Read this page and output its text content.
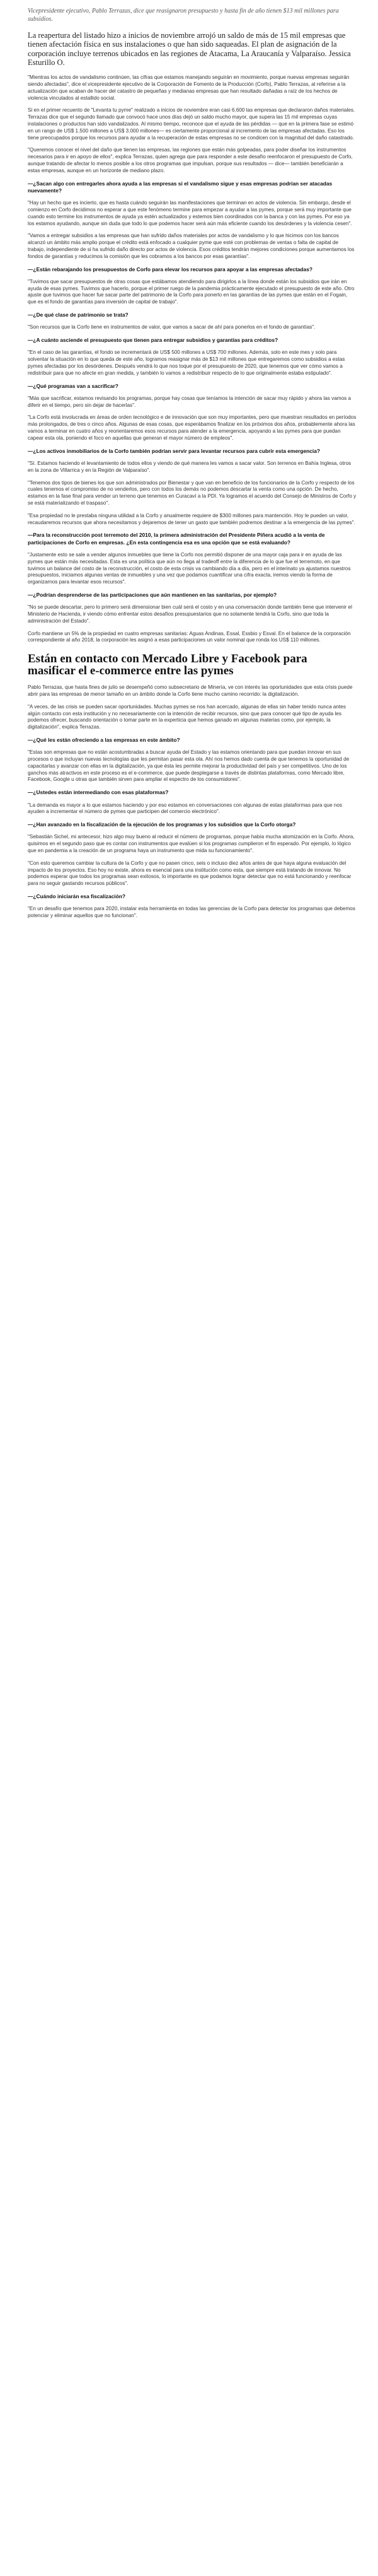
Vicepresidente ejecutivo, Pablo Terrazas, dice que reasignaron presupuesto y hasta fin de año tienen $13 mil millones para subsidios.

La reapertura del listado hizo a inicios de noviembre arrojó un saldo de más de 15 mil empresas que tienen afectación física en sus instalaciones o que han sido saqueadas. El plan de asignación de la corporación incluye terrenos ubicados en las regiones de Atacama, La Araucanía y Valparaíso. Jessica Esturillo O.

"Mientras los actos de vandalismo continúen, las cifras que estamos manejando seguirán en movimiento, porque nuevas empresas seguirán siendo afectadas", dice el vicepresidente ejecutivo de la Corporación de Fomento de la Producción (Corfo), Pablo Terrazas, al referirse a la actualización que acaban de hacer del catastro de pequeñas y medianas empresas que han resultado dañadas a raíz de los hechos de violencia vinculados al estallido social.

Si en el primer recuento de "Levanta tu pyme" realizado a inicios de noviembre eran casi 6.600 las empresas que declararon daños materiales. Terrazas dice que el segundo llamado que convocó hace unos días dejó un saldo mucho mayor, que supera las 15 mil empresas cuyas instalaciones o productos han sido vandalizados. Al mismo tiempo, reconoce que el ayuda de las pérdidas — que en la primera fase se estimó en un rango de US$ 1.500 millones a US$ 3.000 millones— es ciertamente proporcional al incremento de las empresas afectadas. Eso los tiene preocupados porque los recursos para ayudar a la recuperación de estas empresas no se condicen con la magnitud del daño catastrado.

"Queremos conocer el nivel del daño que tienen las empresas, las regiones que están más golpeadas, para poder diseñar los instrumentos necesarios para ir en apoyo de ellos", explica Terrazas, quien agrega que para responder a este desafío reenfocaron el presupuesto de Corfo, aunque tratando de afectar lo menos posible a los otros programas que impulsan, porque sus resultados — dice— también beneficiarán a estas empresas, aunque en un horizonte de mediano plazo.

—¿Sacan algo con entregarles ahora ayuda a las empresas si el vandalismo sigue y esas empresas podrían ser atacadas nuevamente?

"Hay un hecho que es incierto, que es hasta cuándo seguirán las manifestaciones que terminan en actos de violencia. Sin embargo, desde el comienzo en Corfo decidimos no esperar a que este fenómeno termine para empezar a ayudar a las pymes, porque será muy importante que cuando esto termine los instrumentos de ayuda ya estén actualizados y estemos bien coordinados con la banca y con las pymes. Por eso ya los estamos ayudando, aunque sin duda que todo lo que podemos hacer será aún más eficiente cuando los desórdenes y la violencia cesen".

"Vamos a entregar subsidios a las empresas que han sufrido daños materiales por actos de vandalismo y lo que hicimos con los bancos alcanzó un ámbito más amplio porque el crédito está enfocado a cualquier pyme que esté con problemas de ventas o falta de capital de trabajo, independiente de si ha sufrido daño directo por actos de violencia. Esos créditos tendrán mejores condiciones porque aumentamos los fondos de garantías y reducimos la comisión que les cobramos a los bancos por esas garantías".

—¿Están rebarajando los presupuestos de Corfo para elevar los recursos para apoyar a las empresas afectadas?

"Tuvimos que sacar presupuestos de otras cosas que estábamos atendiendo para dirigirlos a la línea donde están los subsidios que irán en ayuda de esas pymes. Tuvimos que hacerlo, porque el primer ruego de la pandemia prácticamente ejecutado el presupuesto de este año. Otro ajuste que tuvimos que hacer fue sacar parte del patrimonio de la Corfo para ponerlo en las garantías de las pymes que están en el Fogain, que es el fondo de garantías para inversión de capital de trabajo".

—¿De qué clase de patrimonio se trata?

"Son recursos que la Corfo tiene en instrumentos de valor, que vamos a sacar de ahí para ponerlos en el fondo de garantías".

—¿A cuánto asciende el presupuesto que tienen para entregar subsidios y garantías para créditos?

"En el caso de las garantías, el fondo se incrementará de US$ 500 millones a US$ 700 millones. Además, solo en este mes y solo para solventar la situación en lo que queda de este año, logramos reasignar más de $13 mil millones que entregaremos como subsidios a estas pymes afectadas por los desórdenes. Después vendrá lo que nos toque por el presupuesto de 2020, que tenemos que ver cómo vamos a redistribuir para que no afecte en gran medida, y también lo vamos a redistribuir respecto de lo que originalmente estaba estipulado".

—¿Qué programas van a sacrificar?

"Más que sacrificar, estamos revisando los programas, porque hay cosas que teníamos la intención de sacar muy rápido y ahora las vamos a diferir en el tiempo, pero sin dejar de hacerlas".

"La Corfo está involucrada en áreas de orden tecnológico e de innovación que son muy importantes, pero que muestran resultados en períodos más prolongados, de tres o cinco años. Algunas de esas cosas, que esperábamos finalizar en los próximos dos años, probablemente ahora las vamos a terminar en cuatro años y reorientaremos esos recursos para atender a la emergencia, apoyando a las pymes para que puedan capear esta ola, poniendo el foco en aquellas que generan el mayor número de empleos".

—¿Los activos inmobiliarios de la Corfo también podrían servir para levantar recursos para cubrir esta emergencia?

"Sí. Estamos haciendo el levantamiento de todos ellos y viendo de qué manera les vamos a sacar valor. Son terrenos en Bahía Inglesa, otros en la zona de Villarrica y en la Región de Valparaíso".

"Tenemos dos tipos de bienes los que son administrados por Bienestar y que van en beneficio de los funcionarios de la Corfo y respecto de los cuales tenemos el compromiso de no venderlos, pero con todos los demás no podemos descartar la venta como una opción. De hecho, estamos en la fase final para vender un terreno que tenemos en Curacaví a la PDI. Ya logramos el acuerdo del Consejo de Ministros de Corfo y se está materializando el traspaso".

"Esa propiedad no le prestaba ninguna utilidad a la Corfo y anualmente requiere de $300 millones para mantención. Hoy le pueden un valor, recaudaremos recursos que ahora necesitamos y dejaremos de tener un gasto que también podremos destinar a la emergencia de las pymes".

—Para la reconstrucción post terremoto del 2010, la primera administración del Presidente Piñera acudió a la venta de participaciones de Corfo en empresas. ¿En esta contingencia esa es una opción que se está evaluando?

"Justamente esto se sale a vender algunos inmuebles que tiene la Corfo nos permitió disponer de una mayor caja para ir en ayuda de las pymes que están más necesitadas. Esta es una política que aún no llega al tradeoff entre la diferencia de lo que fue el terremoto, en que tuvimos un balance del costo de la reconstrucción, el costo de esta crisis va cambiando día a día, pero en el interinato ya ajustamos nuestros presupuestos, iniciamos algunas ventas de inmuebles y una vez que podamos cuantificar una cifra exacta, iremos viendo la forma de organizarnos para levantar esos recursos".

—¿Podrían desprenderse de las participaciones que aún mantienen en las sanitarias, por ejemplo?

"No se puede descartar, pero lo primero será dimensionar bien cuál será el costo y en una conversación donde también tiene que intervenir el Ministerio de Hacienda, ir viendo cómo enfrentar estos desafíos presupuestarios que no solamente tendrá la Corfo, sino que toda la administración del Estado".

Corfo mantiene un 5% de la propiedad en cuatro empresas sanitarias: Aguas Andinas, Essal, Essbio y Esval. En el balance de la corporación correspondiente al año 2018, la corporación les asignó a esas participaciones un valor nominal que ronda los US$ 110 millones.

Están en contacto con Mercado Libre y Facebook para masificar el e-commerce entre las pymes

Pablo Terrazas, que hasta fines de julio se desempeñó como subsecretario de Minería, ve con interés las oportunidades que esta crisis puede abrir para las empresas de menor tamaño en un ámbito donde la Corfo tiene mucho camino recorrido: la digitalización.

"A veces, de las crisis se pueden sacar oportunidades. Muchas pymes se nos han acercado, algunas de ellas sin haber tenido nunca antes algún contacto con esta institución y no necesariamente con la intención de recibir recursos, sino que para conocer qué tipo de ayuda les podemos ofrecer, buscando orientación o tomar parte en la experticia que hemos ganado en algunas materias como, por ejemplo, la digitalización", explica Terrazas.

—¿Qué les están ofreciendo a las empresas en este ámbito?

"Estas son empresas que no están acostumbradas a buscar ayuda del Estado y las estamos orientando para que puedan innovar en sus procesos o que incluyan nuevas tecnologías que les permitan pasar esta ola. Ahí nos hemos dado cuenta de que tenemos la oportunidad de capacitarlas y avanzar con ellas en la digitalización, ya que ésta les permite mejorar la productividad del país y ser competitivos. Uno de los ganchos más atractivos en este proceso es el e-commerce, que puede desplegarse a través de distintas plataformas, como Mercado libre, Facebook, Google u otras que también sirven para ampliar el espectro de los consumidores".

—¿Ustedes están intermediando con esas plataformas?

"La demanda es mayor a lo que estamos haciendo y por eso estamos en conversaciones con algunas de estas plataformas para que nos ayuden a incrementar el número de pymes que participen del comercio electrónico".

—¿Han avanzado en la fiscalización de la ejecución de los programas y los subsidios que la Corfo otorga?

"Sebastián Sichel, mi antecesor, hizo algo muy bueno al reducir el número de programas, porque había mucha atomización en la Corfo. Ahora, quisimos en el segundo paso que es contar con instrumentos que evalúen si los programas cumplieron el fin esperado. Por ejemplo, lo lógico que en pandemia a la creación de un programa haya un instrumento que mida su funcionamiento".

"Con esto queremos cambiar la cultura de la Corfo y que no pasen cinco, seis o incluso diez años antes de que haya alguna evaluación del impacto de los proyectos. Eso hoy no existe, ahora es esencial para una institución como esta, que siempre está tratando de innovar. No podemos esperar que todos los programas sean exitosos, lo importante es que podamos lograr detectar que no está funcionando y reenfocar para no seguir gastando recursos públicos".

—¿Cuándo iniciarán esa fiscalización?

"En un desafío que tenemos para 2020, instalar esta herramienta en todas las gerencias de la Corfo para detectar los programas que debemos potenciar y eliminar aquellos que no funcionan".
